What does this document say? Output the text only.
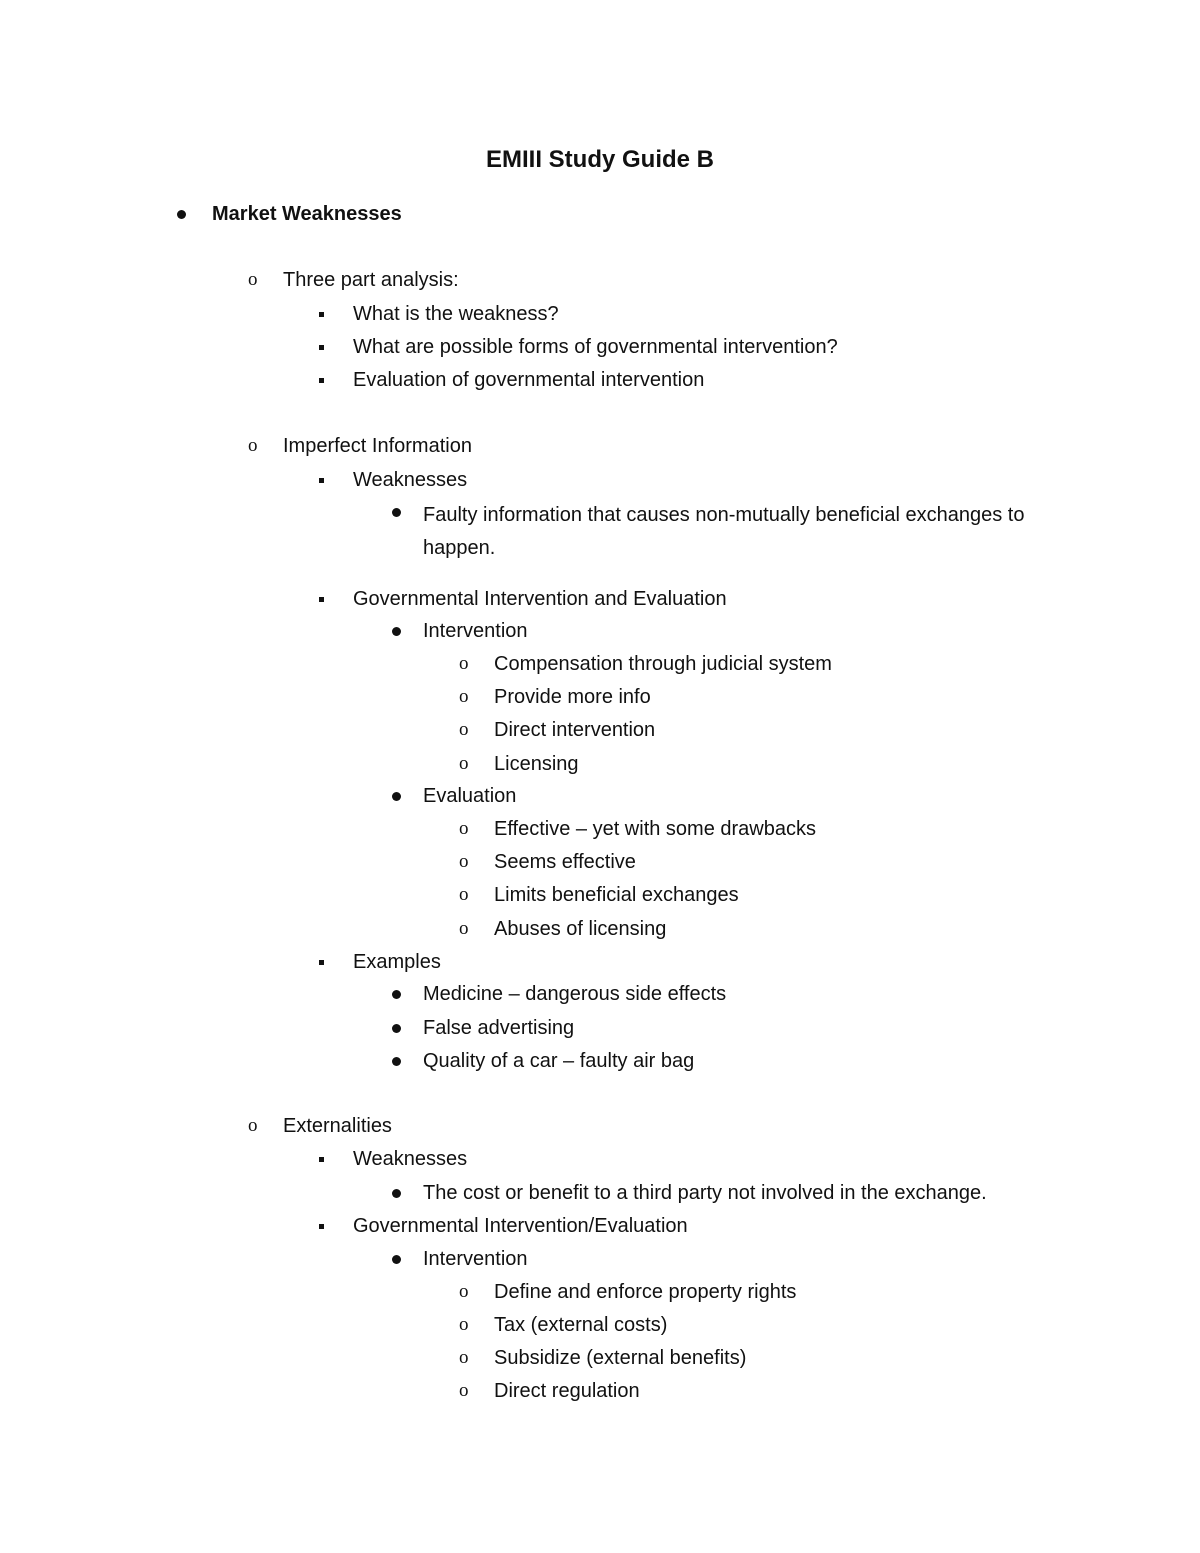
EMIII Study Guide B
Market Weaknesses
o Three part analysis:
What is the weakness?
What are possible forms of governmental intervention?
Evaluation of governmental intervention
o Imperfect Information
Weaknesses
Faulty information that causes non-mutually beneficial exchanges to happen.
Governmental Intervention and Evaluation
Intervention
o Compensation through judicial system
o Provide more info
o Direct intervention
o Licensing
Evaluation
o Effective – yet with some drawbacks
o Seems effective
o Limits beneficial exchanges
o Abuses of licensing
Examples
Medicine – dangerous side effects
False advertising
Quality of a car – faulty air bag
o Externalities
Weaknesses
The cost or benefit to a third party not involved in the exchange.
Governmental Intervention/Evaluation
Intervention
o Define and enforce property rights
o Tax (external costs)
o Subsidize (external benefits)
o Direct regulation
